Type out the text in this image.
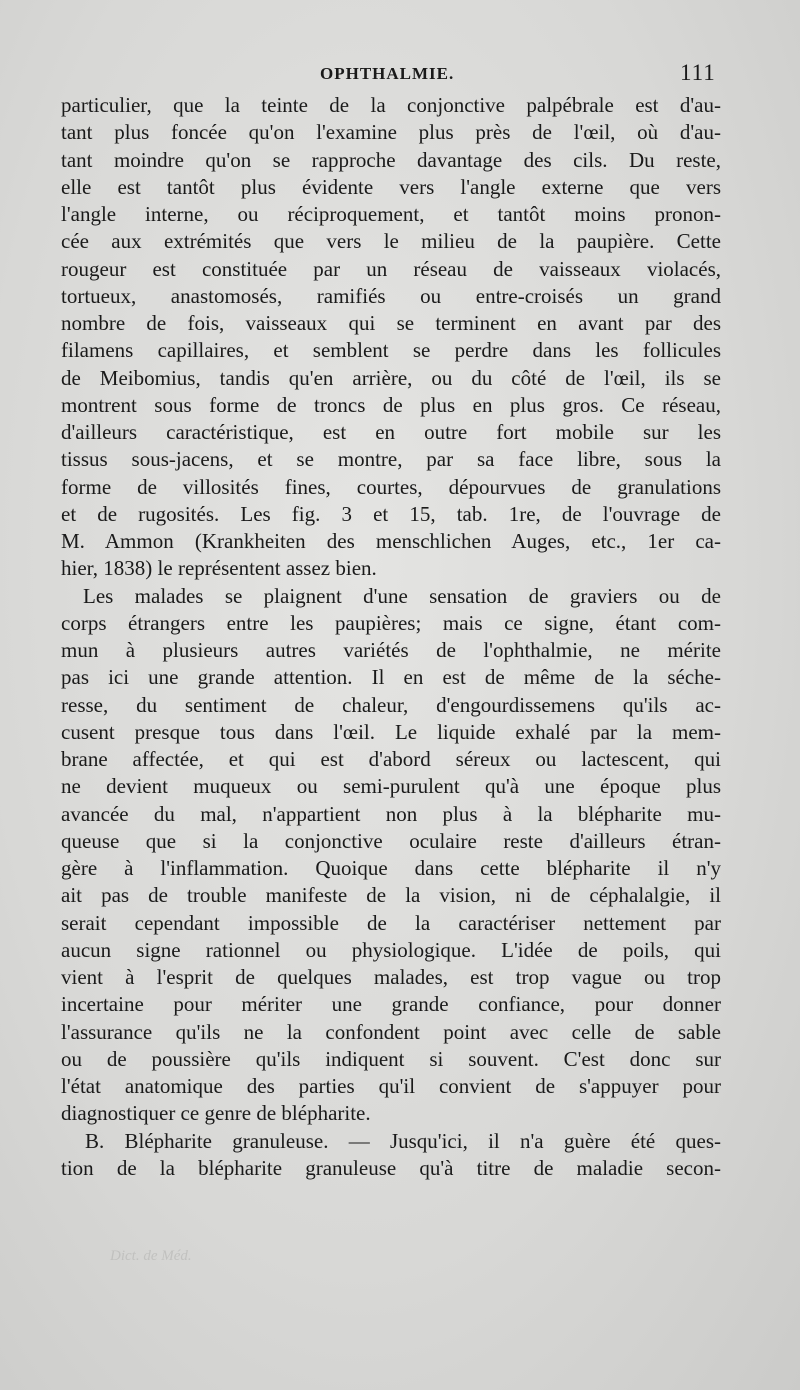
OPHTHALMIE.	111
particulier, que la teinte de la conjonctive palpébrale est d'au-
tant plus foncée qu'on l'examine plus près de l'œil, où d'au-
tant moindre qu'on se rapproche davantage des cils. Du reste,
elle est tantôt plus évidente vers l'angle externe que vers
l'angle interne, ou réciproquement, et tantôt moins pronon-
cée aux extrémités que vers le milieu de la paupière. Cette
rougeur est constituée par un réseau de vaisseaux violacés,
tortueux, anastomosés, ramifiés ou entre-croisés un grand
nombre de fois, vaisseaux qui se terminent en avant par des
filamens capillaires, et semblent se perdre dans les follicules
de Meibomius, tandis qu'en arrière, ou du côté de l'œil, ils se
montrent sous forme de troncs de plus en plus gros. Ce réseau,
d'ailleurs caractéristique, est en outre fort mobile sur les
tissus sous-jacens, et se montre, par sa face libre, sous la
forme de villosités fines, courtes, dépourvues de granulations
et de rugosités. Les fig. 3 et 15, tab. 1re, de l'ouvrage de
M. Ammon (Krankheiten des menschlichen Auges, etc., 1er ca-
hier, 1838) le représentent assez bien.
Les malades se plaignent d'une sensation de graviers ou de
corps étrangers entre les paupières; mais ce signe, étant com-
mun à plusieurs autres variétés de l'ophthalmie, ne mérite
pas ici une grande attention. Il en est de même de la séche-
resse, du sentiment de chaleur, d'engourdissemens qu'ils ac-
cusent presque tous dans l'œil. Le liquide exhalé par la mem-
brane affectée, et qui est d'abord séreux ou lactescent, qui
ne devient muqueux ou semi-purulent qu'à une époque plus
avancée du mal, n'appartient non plus à la blépharite mu-
queuse que si la conjonctive oculaire reste d'ailleurs étran-
gère à l'inflammation. Quoique dans cette blépharite il n'y
ait pas de trouble manifeste de la vision, ni de céphalalgie, il
serait cependant impossible de la caractériser nettement par
aucun signe rationnel ou physiologique. L'idée de poils, qui
vient à l'esprit de quelques malades, est trop vague ou trop
incertaine pour mériter une grande confiance, pour donner
l'assurance qu'ils ne la confondent point avec celle de sable
ou de poussière qu'ils indiquent si souvent. C'est donc sur
l'état anatomique des parties qu'il convient de s'appuyer pour
diagnostiquer ce genre de blépharite.
B. Blépharite granuleuse. — Jusqu'ici, il n'a guère été ques-
tion de la blépharite granuleuse qu'à titre de maladie secon-
Dict. de Méd.
